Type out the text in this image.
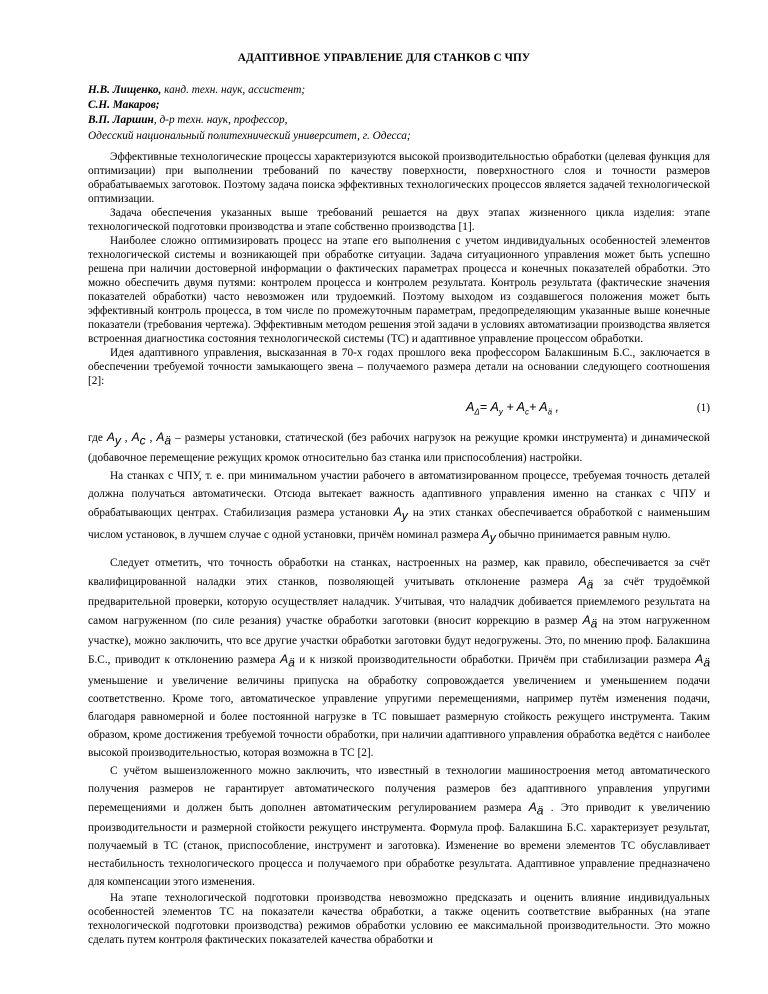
АДАПТИВНОЕ УПРАВЛЕНИЕ ДЛЯ СТАНКОВ С ЧПУ
Н.В. Лищенко, канд. техн. наук, ассистент;
С.Н. Макаров;
В.П. Ларшин, д-р техн. наук, профессор,
Одесский национальный политехнический университет, г. Одесса;

Эффективные технологические процессы характеризуются высокой производительностью обработки (целевая функция для оптимизации) при выполнении требований по качеству поверхности, поверхностного слоя и точности размеров обрабатываемых заготовок. Поэтому задача поиска эффективных технологических процессов является задачей технологической оптимизации.

Задача обеспечения указанных выше требований решается на двух этапах жизненного цикла изделия: этапе технологической подготовки производства и этапе собственно производства [1].

Наиболее сложно оптимизировать процесс на этапе его выполнения с учетом индивидуальных особенностей элементов технологической системы и возникающей при обработке ситуации. Задача ситуационного управления может быть успешно решена при наличии достоверной информации о фактических параметрах процесса и конечных показателей обработки. Это можно обеспечить двумя путями: контролем процесса и контролем результата. Контроль результата (фактические значения показателей обработки) часто невозможен или трудоемкий. Поэтому выходом из создавшегося положения может быть эффективный контроль процесса, в том числе по промежуточным параметрам, предопределяющим указанные выше конечные показатели (требования чертежа). Эффективным методом решения этой задачи в условиях автоматизации производства является встроенная диагностика состояния технологической системы (ТС) и адаптивное управление процессом обработки.

Идея адаптивного управления, высказанная в 70-х годах прошлого века профессором Балакшиным Б.С., заключается в обеспечении требуемой точности замыкающего звена – получаемого размера детали на основании следующего соотношения [2]:

$A_\Delta= A_y + A_c+ A_ä$ ,	(1)

где $A_y$ , $A_c$ , $A_ä$ – размеры установки, статической (без рабочих нагрузок на режущие кромки инструмента) и динамической (добавочное перемещение режущих кромок относительно баз станка или приспособления) настройки.

На станках с ЧПУ, т. е. при минимальном участии рабочего в автоматизированном процессе, требуемая точность деталей должна получаться автоматически. Отсюда вытекает важность адаптивного управления именно на станках с ЧПУ и обрабатывающих центрах. Стабилизация размера установки $A_y$ на этих станках обеспечивается обработкой с наименьшим числом установок, в лучшем случае с одной установки, причём номинал размера $A_y$ обычно принимается равным нулю.

Следует отметить, что точность обработки на станках, настроенных на размер, как правило, обеспечивается за счёт квалифицированной наладки этих станков, позволяющей учитывать отклонение размера $A_ä$ за счёт трудоёмкой предварительной проверки, которую осуществляет наладчик. Учитывая, что наладчик добивается приемлемого результата на самом нагруженном (по силе резания) участке обработки заготовки (вносит коррекцию в размер $A_ä$ на этом нагруженном участке), можно заключить, что все другие участки обработки заготовки будут недогружены. Это, по мнению проф. Балакшина Б.С., приводит к отклонению размера $A_ä$ и к низкой производительности обработки. Причём при стабилизации размера $A_ä$ уменьшение и увеличение величины припуска на обработку сопровождается увеличением и уменьшением подачи соответственно. Кроме того, автоматическое управление упругими перемещениями, например путём изменения подачи, благодаря равномерной и более постоянной нагрузке в ТС повышает размерную стойкость режущего инструмента. Таким образом, кроме достижения требуемой точности обработки, при наличии адаптивного управления обработка ведётся с наиболее высокой производительностью, которая возможна в ТС [2].

С учётом вышеизложенного можно заключить, что известный в технологии машиностроения метод автоматического получения размеров не гарантирует автоматического получения размеров без адаптивного управления упругими перемещениями и должен быть дополнен автоматическим регулированием размера $A_ä$ . Это приводит к увеличению производительности и размерной стойкости режущего инструмента. Формула проф. Балакшина Б.С. характеризует результат, получаемый в ТС (станок, приспособление, инструмент и заготовка). Изменение во времени элементов ТС обуславливает нестабильность технологического процесса и получаемого при обработке результата. Адаптивное управление предназначено для компенсации этого изменения.

На этапе технологической подготовки производства невозможно предсказать и оценить влияние индивидуальных особенностей элементов ТС на показатели качества обработки, а также оценить соответствие выбранных (на этапе технологической подготовки производства) режимов обработки условию ее максимальной производительности. Это можно сделать путем контроля фактических показателей качества обработки и
